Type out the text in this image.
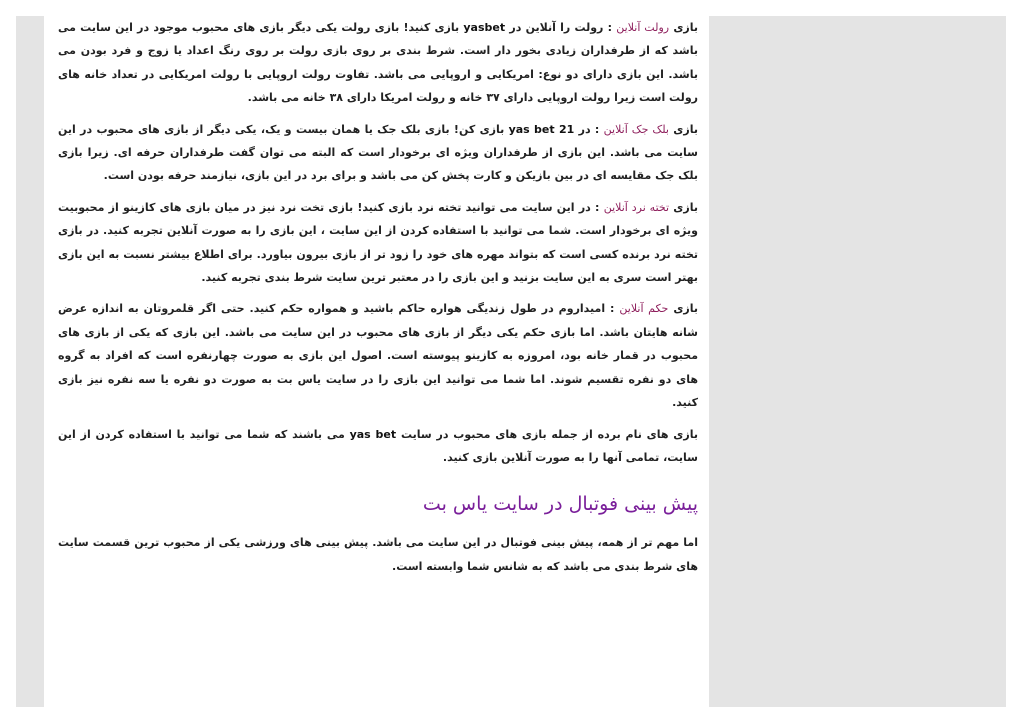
بازی رولت آنلاین : رولت را آنلاین در yasbet بازی کنید! بازی رولت یکی دیگر بازی های محبوب موجود در این سایت می باشد که از طرفداران زیادی بخور دار است. شرط بندی بر روی بازی رولت بر روی رنگ اعداد یا زوج و فرد بودن می باشد. این بازی دارای دو نوع: امریکایی و اروپایی می باشد. تفاوت رولت اروپایی با رولت امریکایی در تعداد خانه های رولت است زیرا رولت اروپایی دارای ۳۷ خانه و رولت امریکا دارای ۳۸ خانه می باشد.

بازی بلک جک آنلاین : در yas bet 21 بازی کن! بازی بلک جک یا همان بیست و یک، یکی دیگر از بازی های محبوب در این سایت می باشد. این بازی از طرفداران ویژه ای برخودار است که البته می توان گفت طرفداران حرفه ای. زیرا بازی بلک جک مقایسه ای در بین بازیکن و کارت پخش کن می باشد و برای برد در این بازی، نیازمند حرفه بودن است.

بازی تخته نرد آنلاین : در این سایت می توانید تخته نرد بازی کنید! بازی تخت نرد نیز در میان بازی های کازینو از محبوبیت ویژه ای برخودار است. شما می توانید با استفاده کردن از این سایت ، این بازی را به صورت آنلاین تجربه کنید. در بازی تخته نرد برنده کسی است که بتواند مهره های خود را زود تر از بازی بیرون بیاورد. برای اطلاع بیشتر نسبت به این بازی بهتر است سری به این سایت بزنید و این بازی را در معتبر ترین سایت شرط بندی تجربه کنید.

بازی حکم آنلاین : امیداروم در طول زندیگی هواره حاکم باشید و همواره حکم کنید. حتی اگر قلمروتان به اندازه عرض شانه هایتان باشد. اما بازی حکم یکی دیگر از بازی های محبوب در این سایت می باشد. این بازی که یکی از بازی های محبوب در قمار خانه بود، امروزه به کازینو پیوسته است. اصول این بازی به صورت چهارنفره است که افراد به گروه های دو نفره تقسیم شوند. اما شما می توانید این بازی را در سایت یاس بت به صورت دو نفره یا سه نفره نیز بازی کنید.

بازی های نام برده از جمله بازی های محبوب در سایت yas bet می باشند که شما می توانید با استفاده کردن از این سایت، تمامی آنها را به صورت آنلاین بازی کنید.

پیش بینی فوتبال در سایت یاس بت

اما مهم تر از همه، پیش بینی فوتبال در این سایت می باشد. پیش بینی های ورزشی یکی از محبوب ترین قسمت سایت های شرط بندی می باشد که به شانس شما وابسته است.
